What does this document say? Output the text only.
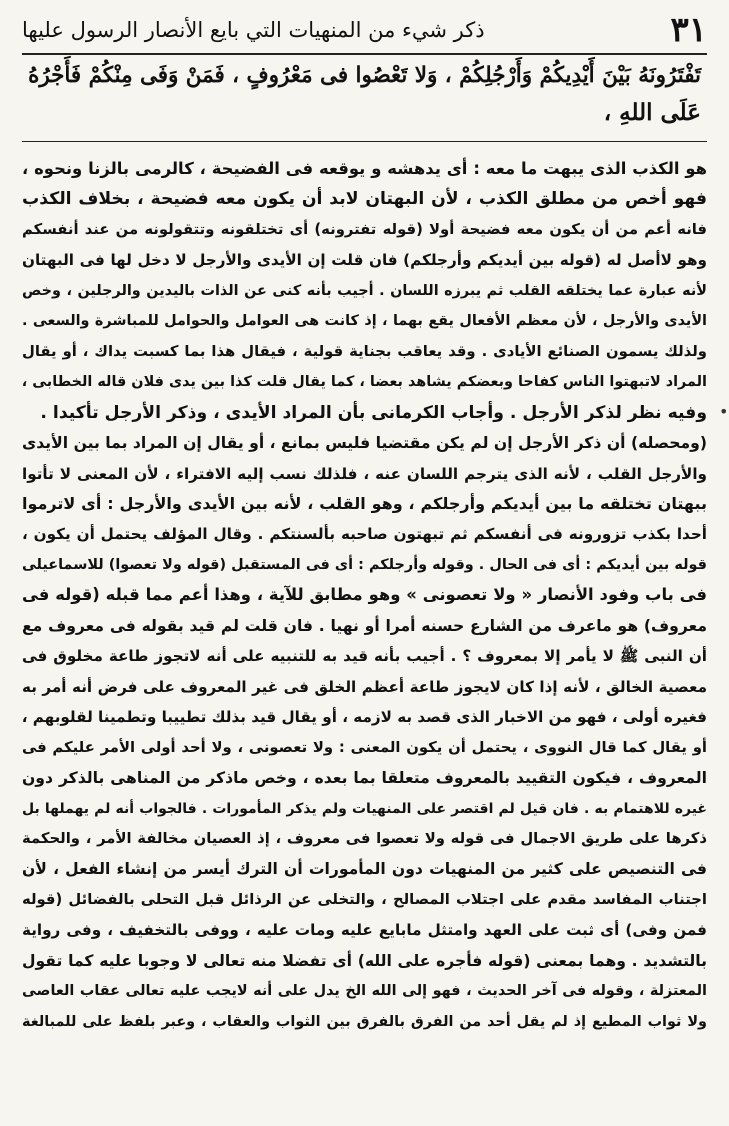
٣١
ذكر شيء من المنهيات التي بايع الأنصار الرسول عليها
تَفْتَرُونَهُ بَيْنَ أَيْدِيكُمْ وَأَرْجُلِكُمْ ، وَلا تَعْصُوا فى مَعْرُوفٍ ، فَمَنْ وَفَى مِنْكُمْ فَأَجْرُهُ
عَلَى اللهِ ،
هو الكذب الذى يبهت ما معه : أى يدهشه و يوقعه فى الفضيحة ، كالرمى بالزنا ونحوه ،
فهو أخص من مطلق الكذب ، لأن البهتان لابد أن يكون معه فضيحة ، بخلاف الكذب
فانه أعم من أن يكون معه فضيحة أولا (قوله تفترونه) أى تختلقونه وتتقولونه من عند أنفسكم
وهو لاأصل له (قوله بين أيديكم وأرجلكم) فان قلت إن الأيدى والأرجل لا دخل لها فى البهتان
لأنه عبارة عما يختلقه القلب ثم يبرزه اللسان . أجيب بأنه كنى عن الذات باليدين والرجلين ، وخص
الأيدى والأرجل ، لأن معظم الأفعال يقع بهما ، إذ كانت هى العوامل والحوامل للمباشرة والسعى .
ولذلك يسمون الصنائع الأيادى . وقد يعاقب بجناية قولية ، فيقال هذا بما كسبت يداك ، أو يقال
المراد لاتبهتوا الناس كفاحا وبعضكم يشاهد بعضا ، كما يقال قلت كذا بين يدى فلان قاله الخطابى ،
وفيه نظر لذكر الأرجل . وأجاب الكرمانى بأن المراد الأيدى ، وذكر الأرجل تأكيدا .
(ومحصله) أن ذكر الأرجل إن لم يكن مقتضيا فليس بمانع ، أو يقال إن المراد بما بين الأيدى
والأرجل القلب ، لأنه الذى يترجم اللسان عنه ، فلذلك نسب إليه الافتراء ، لأن المعنى لا تأتوا
ببهتان تختلقه ما بين أيديكم وأرجلكم ، وهو القلب ، لأنه بين الأيدى والأرجل : أى لاترموا
أحدا بكذب تزورونه فى أنفسكم ثم تبهتون صاحبه بألسنتكم . وقال المؤلف يحتمل أن يكون ،
قوله بين أيديكم : أى فى الحال . وقوله وأرجلكم : أى فى المستقبل (قوله ولا تعصوا) للاسماعيلى
فى باب وفود الأنصار « ولا تعصونى » وهو مطابق للآية ، وهذا أعم مما قبله (قوله فى
معروف) هو ماعرف من الشارع حسنه أمرا أو نهيا . فان قلت لم قيد بقوله فى معروف مع
أن النبى ﷺ لا يأمر إلا بمعروف ؟ . أجيب بأنه قيد به للتنبيه على أنه لاتجوز طاعة مخلوق فى
معصية الخالق ، لأنه إذا كان لايجوز طاعة أعظم الخلق فى غير المعروف على فرض أنه أمر به
فغيره أولى ، فهو من الاخبار الذى قصد به لازمه ، أو يقال قيد بذلك تطييبا وتطمينا لقلوبهم ،
أو يقال كما قال النووى ، يحتمل أن يكون المعنى : ولا تعصونى ، ولا أحد أولى الأمر عليكم فى
المعروف ، فيكون التقييد بالمعروف متعلقا بما بعده ، وخص ماذكر من المناهى بالذكر دون
غيره للاهتمام به . فان قيل لم اقتصر على المنهيات ولم يذكر المأمورات . فالجواب أنه لم يهملها بل
ذكرها على طريق الاجمال فى قوله ولا تعصوا فى معروف ، إذ العصيان مخالفة الأمر ، والحكمة
فى التنصيص على كثير من المنهيات دون المأمورات أن الترك أيسر من إنشاء الفعل ، لأن
اجتناب المفاسد مقدم على اجتلاب المصالح ، والتخلى عن الرذائل قبل التحلى بالفضائل (قوله
فمن وفى) أى ثبت على العهد وامتثل مابايع عليه ومات عليه ، ووفى بالتخفيف ، وفى رواية
بالتشديد . وهما بمعنى (قوله فأجره على الله) أى تفضلا منه تعالى لا وجوبا عليه كما تقول
المعتزلة ، وقوله فى آخر الحديث ، فهو إلى الله الخ يدل على أنه لايجب عليه تعالى عقاب العاصى
ولا ثواب المطيع إذ لم يقل أحد من الفرق بالفرق بين الثواب والعقاب ، وعبر بلفظ على للمبالغة
•
